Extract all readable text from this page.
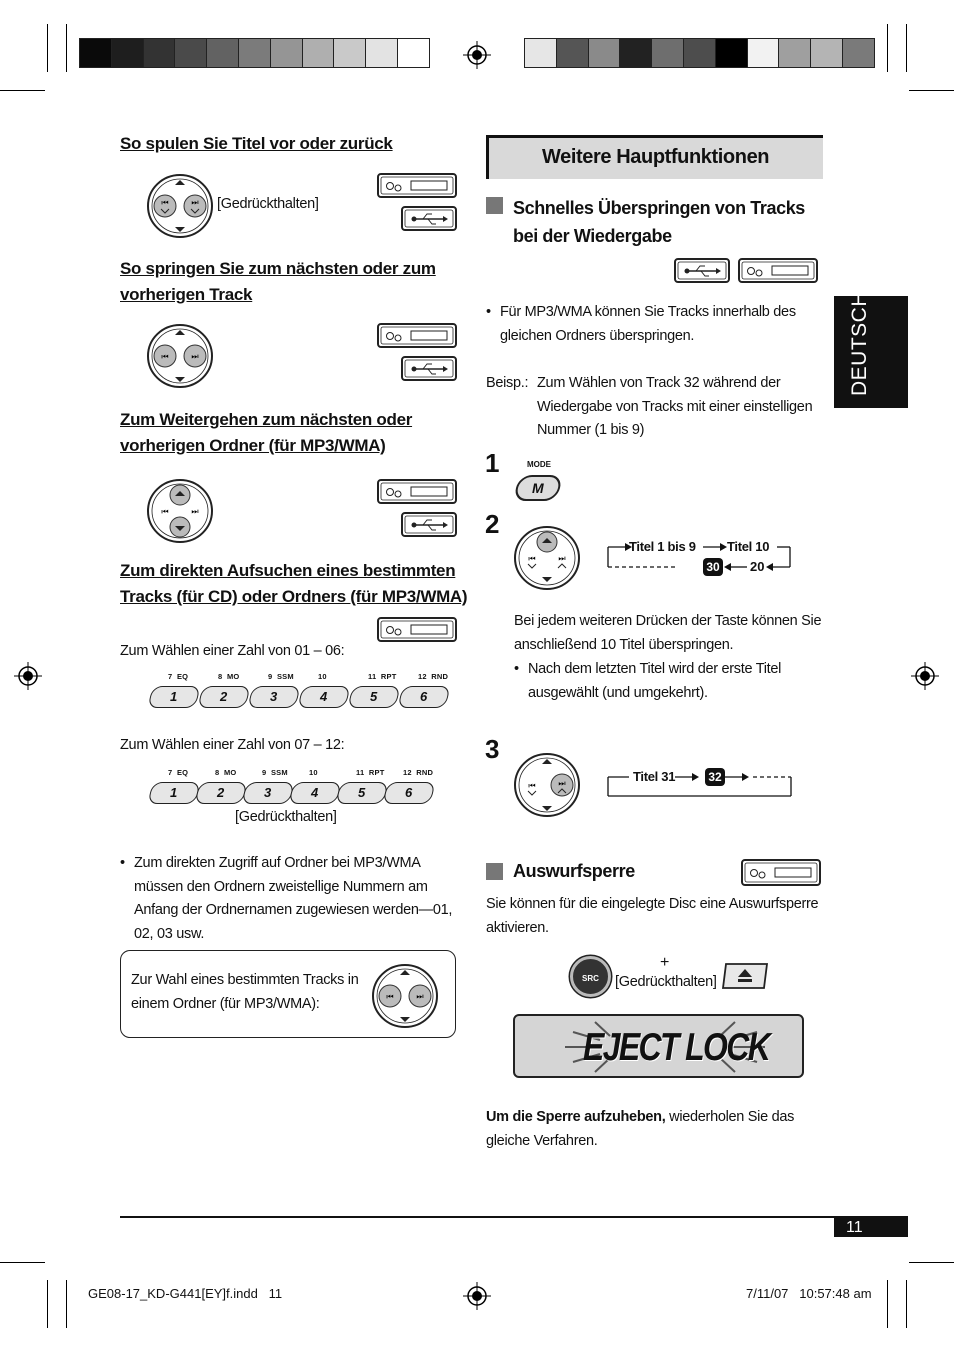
So spulen Sie Titel vor oder zurück
⏮	⏭ [Gedrückthalten]
So springen Sie zum nächsten oder zum
vorherigen Track
⏮	⏭
Zum Weitergehen zum nächsten oder
vorherigen Ordner (für MP3/WMA)
⏮	⏭
Zum direkten Aufsuchen eines bestimmten
Tracks (für CD) oder Ordners (für MP3/WMA)
Zum Wählen einer Zahl von 01 – 06:
7  EQ
1
8  MO
2
9  SSM
3
10
4
11  RPT
5
12  RND
6
Zum Wählen einer Zahl von 07 – 12:
7  EQ
1
8  MO
2
9  SSM
3
10
4
11  RPT
5
12  RND
6
[Gedrückthalten]
• Zum direkten Zugriff auf Ordner bei MP3/WMA
müssen den Ordnern zweistellige Nummern am
Anfang der Ordnernamen zugewiesen werden—01,
02, 03 usw.
Zur Wahl eines bestimmten Tracks in
einem Ordner (für MP3/WMA):	⏮	⏭
Weitere Hauptfunktionen
Schnelles Überspringen von Tracks
bei der Wiedergabe
• Für MP3/WMA können Sie Tracks innerhalb des
gleichen Ordners überspringen.
Beisp.: Zum Wählen von Track 32 während der
Wiedergabe von Tracks mit einer einstelligen
Nummer (1 bis 9)
1	MODE
M
2
⏮	⏭
Titel 1 bis 9 Titel 10
30 20
Bei jedem weiteren Drücken der Taste können Sie
anschließend 10 Titel überspringen.
• Nach dem letzten Titel wird der erste Titel
ausgewählt (und umgekehrt).
3
⏮	⏭	Titel 31	32
Auswurfsperre
Sie können für die eingelegte Disc eine Auswurfsperre
aktivieren.
SRC
+
[Gedrückthalten]
EJECT LOCK
Um die Sperre aufzuheben, wiederholen Sie das
gleiche Verfahren.
DEUTSCH
11
GE08-17_KD-G441[EY]f.indd   11	7/11/07   10:57:48 am
